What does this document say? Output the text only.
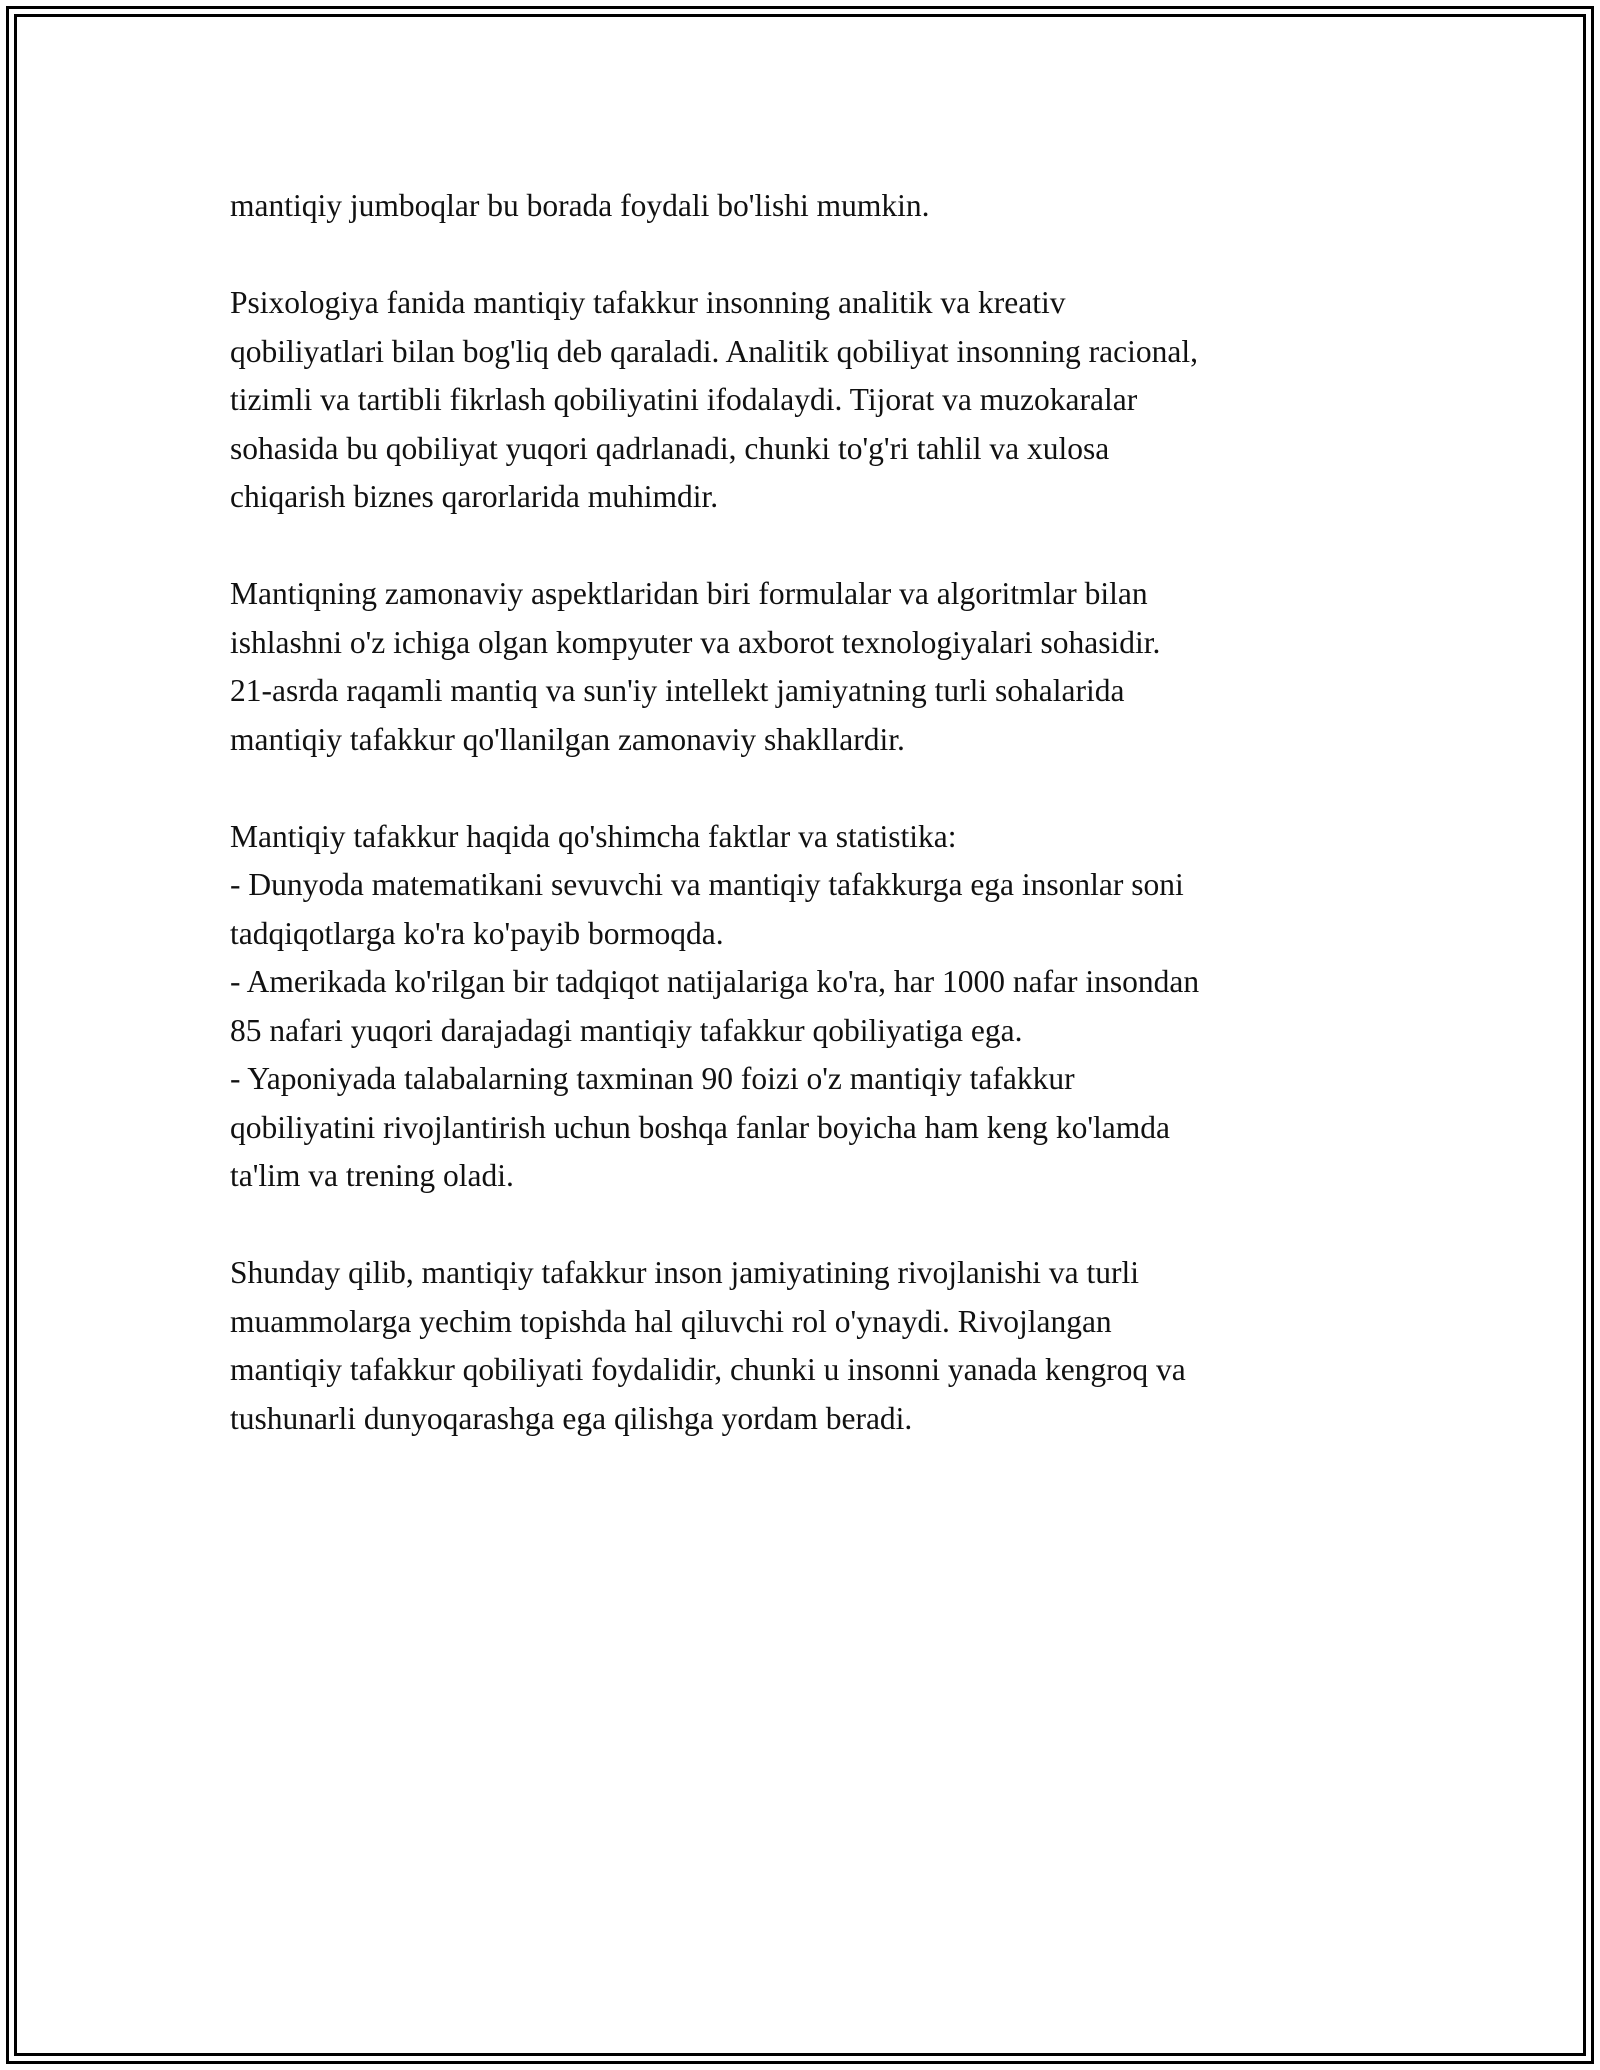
mantiqiy jumboqlar bu borada foydali bo'lishi mumkin.

Psixologiya fanida mantiqiy tafakkur insonning analitik va kreativ
qobiliyatlari bilan bog'liq deb qaraladi. Analitik qobiliyat insonning racional,
tizimli va tartibli fikrlash qobiliyatini ifodalaydi. Tijorat va muzokaralar
sohasida bu qobiliyat yuqori qadrlanadi, chunki to'g'ri tahlil va xulosa
chiqarish biznes qarorlarida muhimdir.

Mantiqning zamonaviy aspektlaridan biri formulalar va algoritmlar bilan
ishlashni o'z ichiga olgan kompyuter va axborot texnologiyalari sohasidir.
21-asrda raqamli mantiq va sun'iy intellekt jamiyatning turli sohalarida
mantiqiy tafakkur qo'llanilgan zamonaviy shakllardir.

Mantiqiy tafakkur haqida qo'shimcha faktlar va statistika:
- Dunyoda matematikani sevuvchi va mantiqiy tafakkurga ega insonlar soni
tadqiqotlarga ko'ra ko'payib bormoqda.
- Amerikada ko'rilgan bir tadqiqot natijalariga ko'ra, har 1000 nafar insondan
85 nafari yuqori darajadagi mantiqiy tafakkur qobiliyatiga ega.
- Yaponiyada talabalarning taxminan 90 foizi o'z mantiqiy tafakkur
qobiliyatini rivojlantirish uchun boshqa fanlar boyicha ham keng ko'lamda
ta'lim va trening oladi.

Shunday qilib, mantiqiy tafakkur inson jamiyatining rivojlanishi va turli
muammolarga yechim topishda hal qiluvchi rol o'ynaydi. Rivojlangan
mantiqiy tafakkur qobiliyati foydalidir, chunki u insonni yanada kengroq va
tushunarli dunyoqarashga ega qilishga yordam beradi.
